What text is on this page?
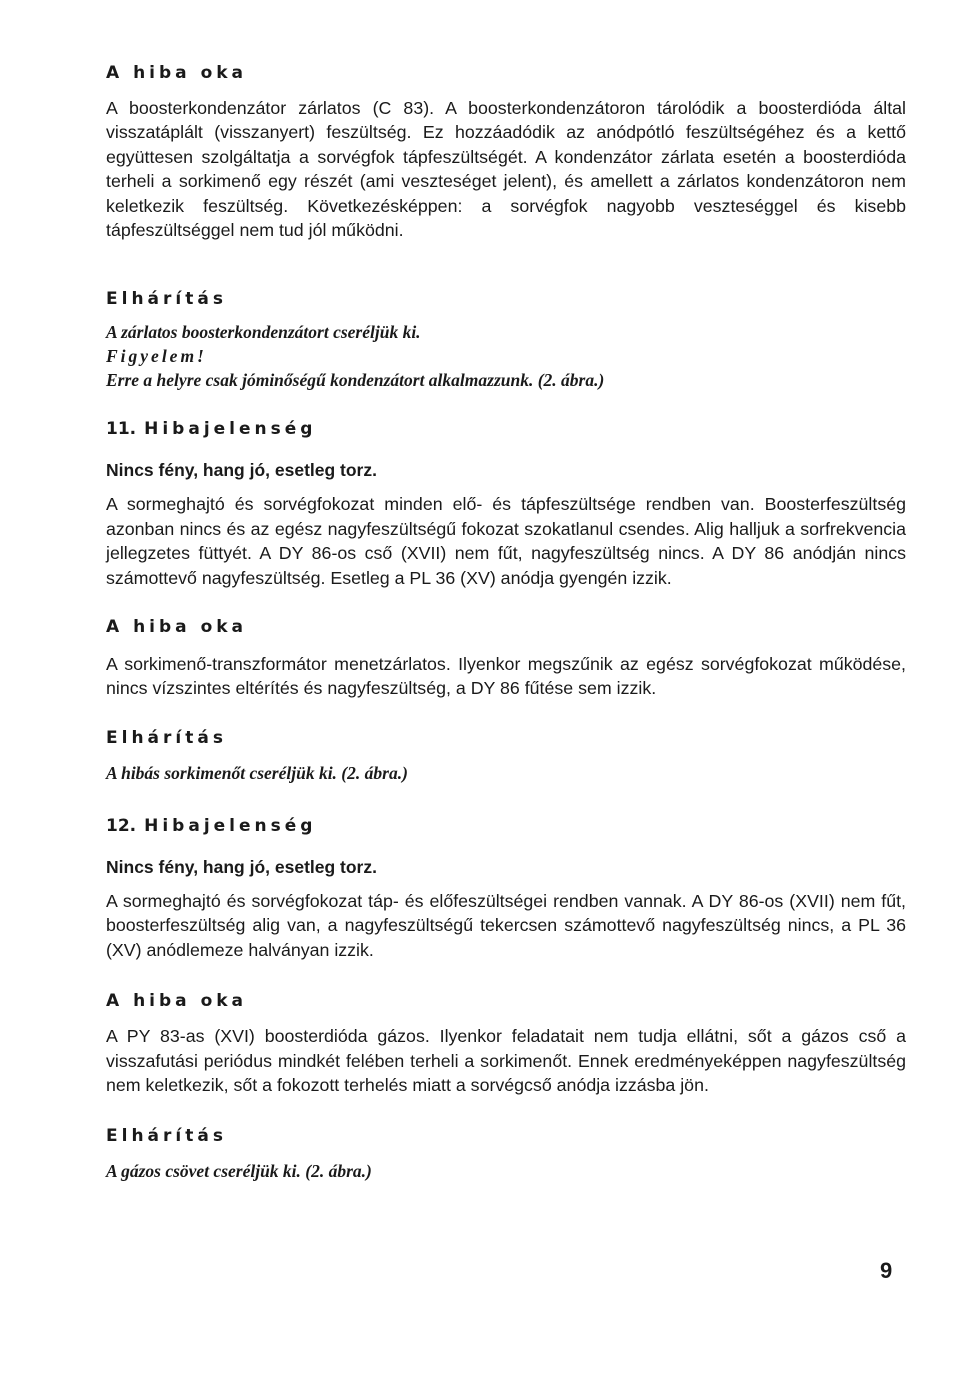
A hiba oka

A boosterkondenzátor zárlatos (C 83). A boosterkondenzátoron tárolódik a boosterdióda által visszatáplált (visszanyert) feszültség. Ez hozzáadódik az anódpótló feszültségéhez és a kettő együttesen szolgáltatja a sorvégfok tápfeszültségét. A kondenzátor zárlata esetén a boosterdióda terheli a sorkimenő egy részét (ami veszteséget jelent), és amellett a zárlatos kondenzátoron nem keletkezik feszültség. Következésképpen: a sorvégfok nagyobb veszteséggel és kisebb tápfeszültséggel nem tud jól működni.

Elhárítás

A zárlatos boosterkondenzátort cseréljük ki.

Figyelem!

Erre a helyre csak jóminőségű kondenzátort alkalmazzunk. (2. ábra.)

11. Hibajelenség

Nincs fény, hang jó, esetleg torz.

A sormeghajtó és sorvégfokozat minden elő- és tápfeszültsége rendben van. Boosterfeszültség azonban nincs és az egész nagyfeszültségű fokozat szokatlanul csendes. Alig halljuk a sorfrekvencia jellegzetes füttyét. A DY 86-os cső (XVII) nem fűt, nagyfeszültség nincs. A DY 86 anódján nincs számottevő nagyfeszültség. Esetleg a PL 36 (XV) anódja gyengén izzik.

A hiba oka

A sorkimenő-transzformátor menetzárlatos. Ilyenkor megszűnik az egész sorvégfokozat működése, nincs vízszintes eltérítés és nagyfeszültség, a DY 86 fűtése sem izzik.

Elhárítás

A hibás sorkimenőt cseréljük ki. (2. ábra.)

12. Hibajelenség

Nincs fény, hang jó, esetleg torz.

A sormeghajtó és sorvégfokozat táp- és előfeszültségei rendben vannak. A DY 86-os (XVII) nem fűt, boosterfeszültség alig van, a nagyfeszültségű tekercsen számottevő nagyfeszültség nincs, a PL 36 (XV) anódlemeze halványan izzik.

A hiba oka

A PY 83-as (XVI) boosterdióda gázos. Ilyenkor feladatait nem tudja ellátni, sőt a gázos cső a visszafutási periódus mindkét felében terheli a sorkimenőt. Ennek eredményeképpen nagyfeszültség nem keletkezik, sőt a fokozott terhelés miatt a sorvégcső anódja izzásba jön.

Elhárítás

A gázos csövet cseréljük ki. (2. ábra.)

9
